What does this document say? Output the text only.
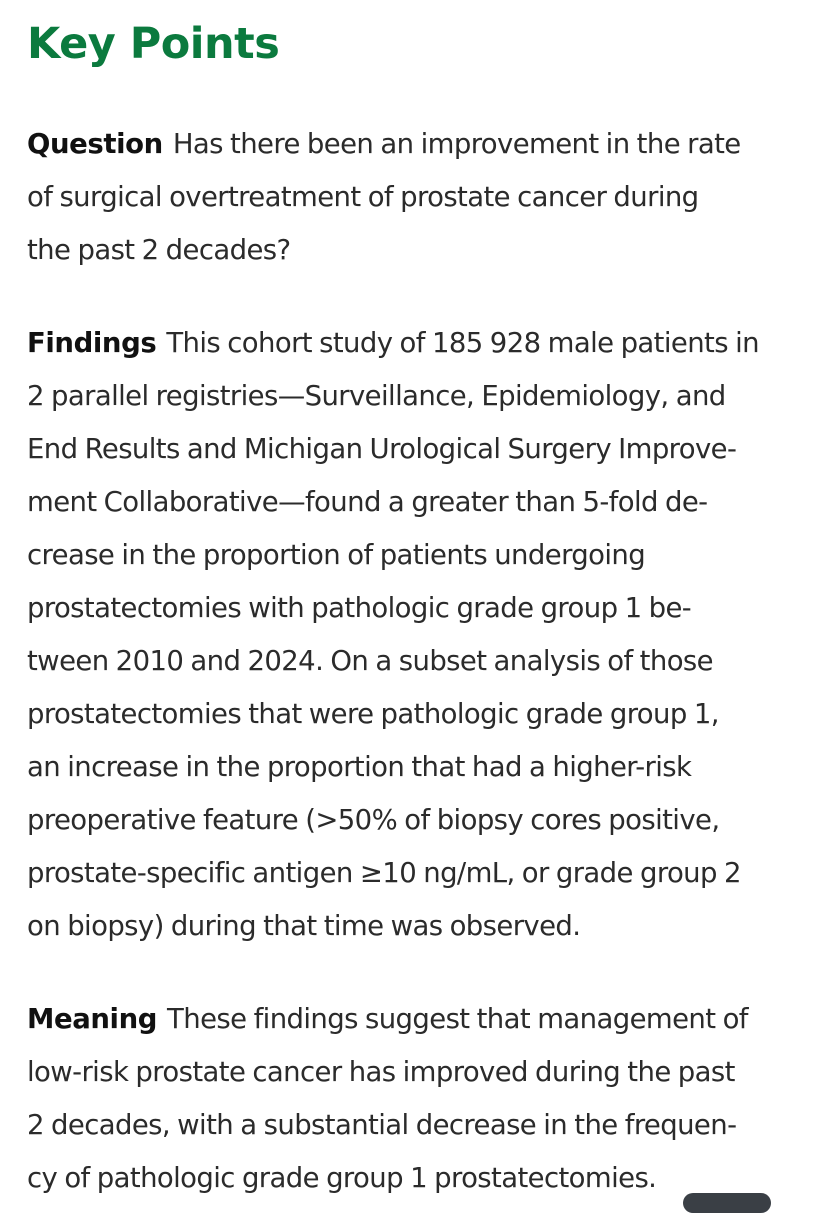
Key Points

Question Has there been an improvement in the rate
of surgical overtreatment of prostate cancer during
the past 2 decades?

Findings This cohort study of 185 928 male patients in
2 parallel registries—Surveillance, Epidemiology, and
End Results and Michigan Urological Surgery Improve-
ment Collaborative—found a greater than 5-fold de-
crease in the proportion of patients undergoing
prostatectomies with pathologic grade group 1 be-
tween 2010 and 2024. On a subset analysis of those
prostatectomies that were pathologic grade group 1,
an increase in the proportion that had a higher-risk
preoperative feature (>50% of biopsy cores positive,
prostate-specific antigen ≥10 ng/mL, or grade group 2
on biopsy) during that time was observed.

Meaning These findings suggest that management of
low-risk prostate cancer has improved during the past
2 decades, with a substantial decrease in the frequen-
cy of pathologic grade group 1 prostatectomies.
